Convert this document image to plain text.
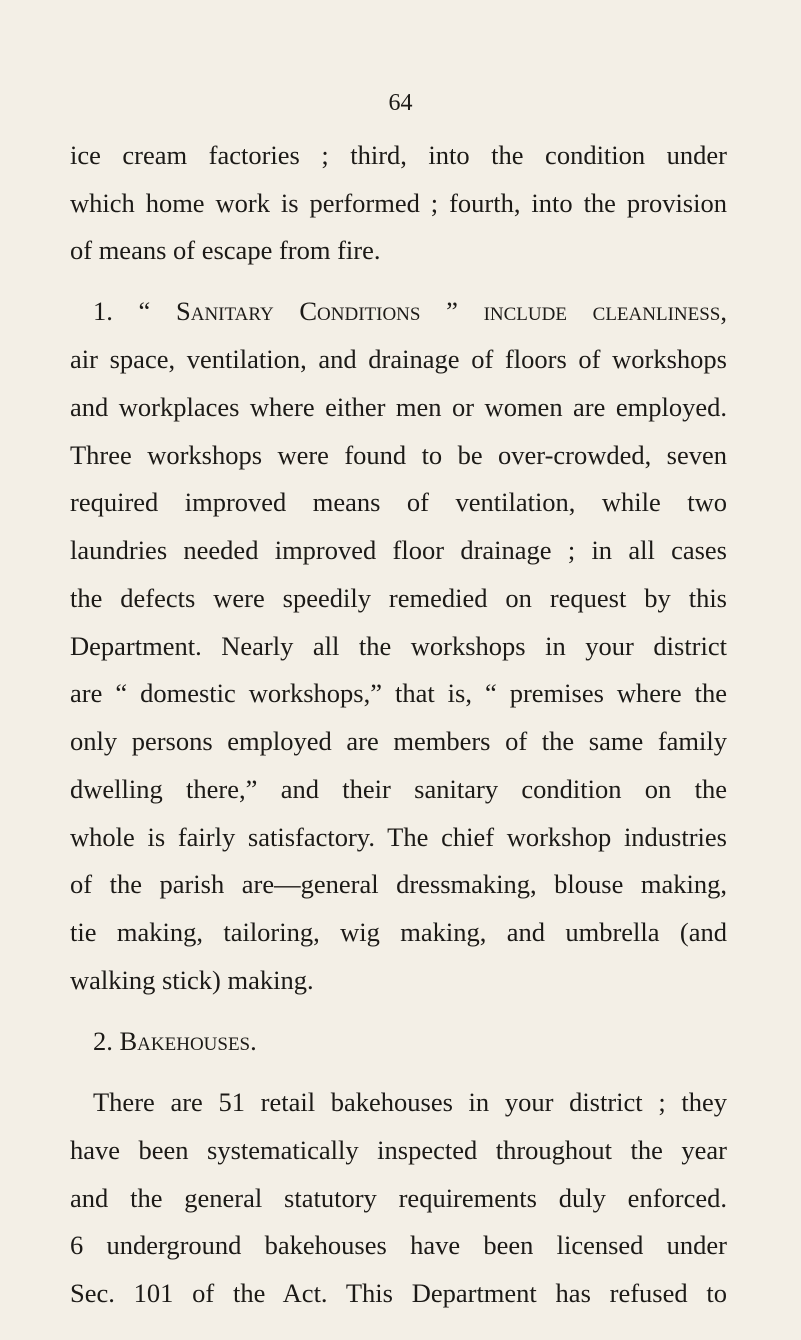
64
ice cream factories ; third, into the condition under
which home work is performed ; fourth, into the provision
of means of escape from fire.
1. “ Sanitary Conditions ” include cleanliness,
air space, ventilation, and drainage of floors of workshops
and workplaces where either men or women are employed.
Three workshops were found to be over-crowded, seven
required improved means of ventilation, while two
laundries needed improved floor drainage ; in all cases
the defects were speedily remedied on request by this
Department. Nearly all the workshops in your district
are “ domestic workshops,” that is, “ premises where the
only persons employed are members of the same family
dwelling there,” and their sanitary condition on the
whole is fairly satisfactory. The chief workshop industries
of the parish are—general dressmaking, blouse making,
tie making, tailoring, wig making, and umbrella (and
walking stick) making.
2. Bakehouses.
There are 51 retail bakehouses in your district ; they
have been systematically inspected throughout the year
and the general statutory requirements duly enforced.
6 underground bakehouses have been licensed under
Sec. 101 of the Act. This Department has refused to
